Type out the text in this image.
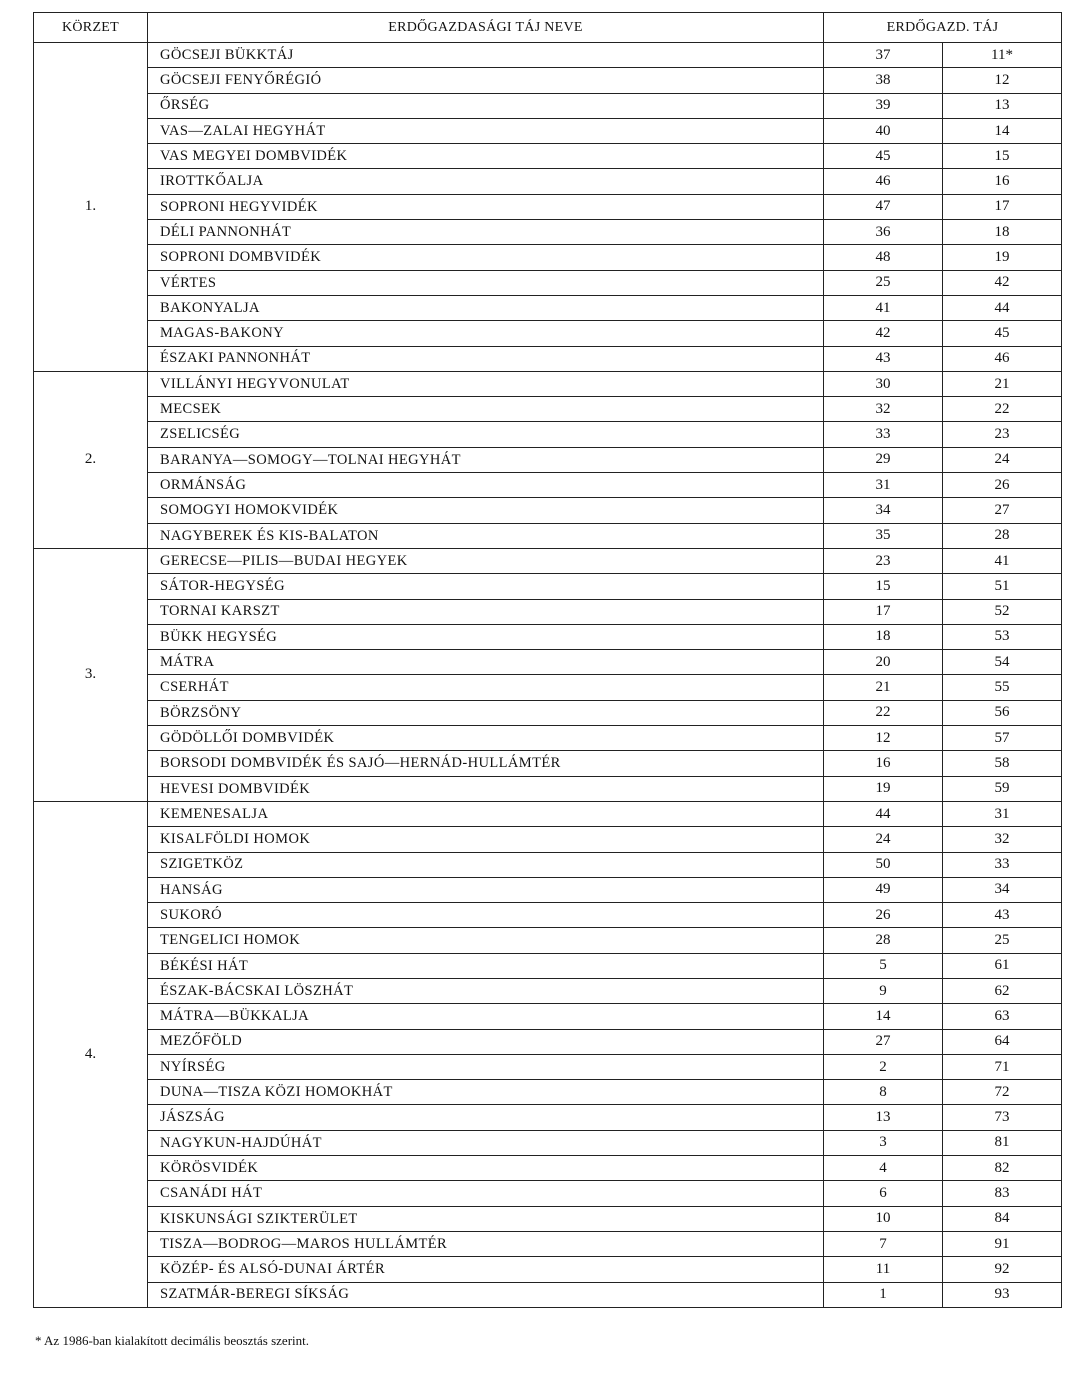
KÖRZET	ERDŐGAZDASÁGI TÁJ NEVE	ERDŐGAZD. TÁJ	
1.	GÖCSEJI BÜKKTÁJ	37	11*
	GÖCSEJI FENYŐRÉGIÓ	38	12
	ŐRSÉG	39	13
	VAS—ZALAI HEGYHÁT	40	14
	VAS MEGYEI DOMBVIDÉK	45	15
	IROTTKŐALJA	46	16
	SOPRONI HEGYVIDÉK	47	17
	DÉLI PANNONHÁT	36	18
	SOPRONI DOMBVIDÉK	48	19
	VÉRTES	25	42
	BAKONYALJA	41	44
	MAGAS-BAKONY	42	45
	ÉSZAKI PANNONHÁT	43	46
2.	VILLÁNYI HEGYVONULAT	30	21
	MECSEK	32	22
	ZSELICSÉG	33	23
	BARANYA—SOMOGY—TOLNAI HEGYHÁT	29	24
	ORMÁNSÁG	31	26
	SOMOGYI HOMOKVIDÉK	34	27
	NAGYBEREK ÉS KIS-BALATON	35	28
3.	GERECSE—PILIS—BUDAI HEGYEK	23	41
	SÁTOR-HEGYSÉG	15	51
	TORNAI KARSZT	17	52
	BÜKK HEGYSÉG	18	53
	MÁTRA	20	54
	CSERHÁT	21	55
	BÖRZSÖNY	22	56
	GÖDÖLLŐI DOMBVIDÉK	12	57
	BORSODI DOMBVIDÉK ÉS SAJÓ—HERNÁD-HULLÁMTÉR	16	58
	HEVESI DOMBVIDÉK	19	59
4.	KEMENESALJA	44	31
	KISALFÖLDI HOMOK	24	32
	SZIGETKÖZ	50	33
	HANSÁG	49	34
	SUKORÓ	26	43
	TENGELICI HOMOK	28	25
	BÉKÉSI HÁT	5	61
	ÉSZAK-BÁCSKAI LÖSZHÁT	9	62
	MÁTRA—BÜKKALJA	14	63
	MEZŐFÖLD	27	64
	NYÍRSÉG	2	71
	DUNA—TISZA KÖZI HOMOKHÁT	8	72
	JÁSZSÁG	13	73
	NAGYKUN-HAJDÚHÁT	3	81
	KÖRÖSVIDÉK	4	82
	CSANÁDI HÁT	6	83
	KISKUNSÁGI SZIKTERÜLET	10	84
	TISZA—BODROG—MAROS HULLÁMTÉR	7	91
	KÖZÉP- ÉS ALSÓ-DUNAI ÁRTÉR	11	92
	SZATMÁR-BEREGI SÍKSÁG	1	93
* Az 1986-ban kialakított decimális beosztás szerint.
